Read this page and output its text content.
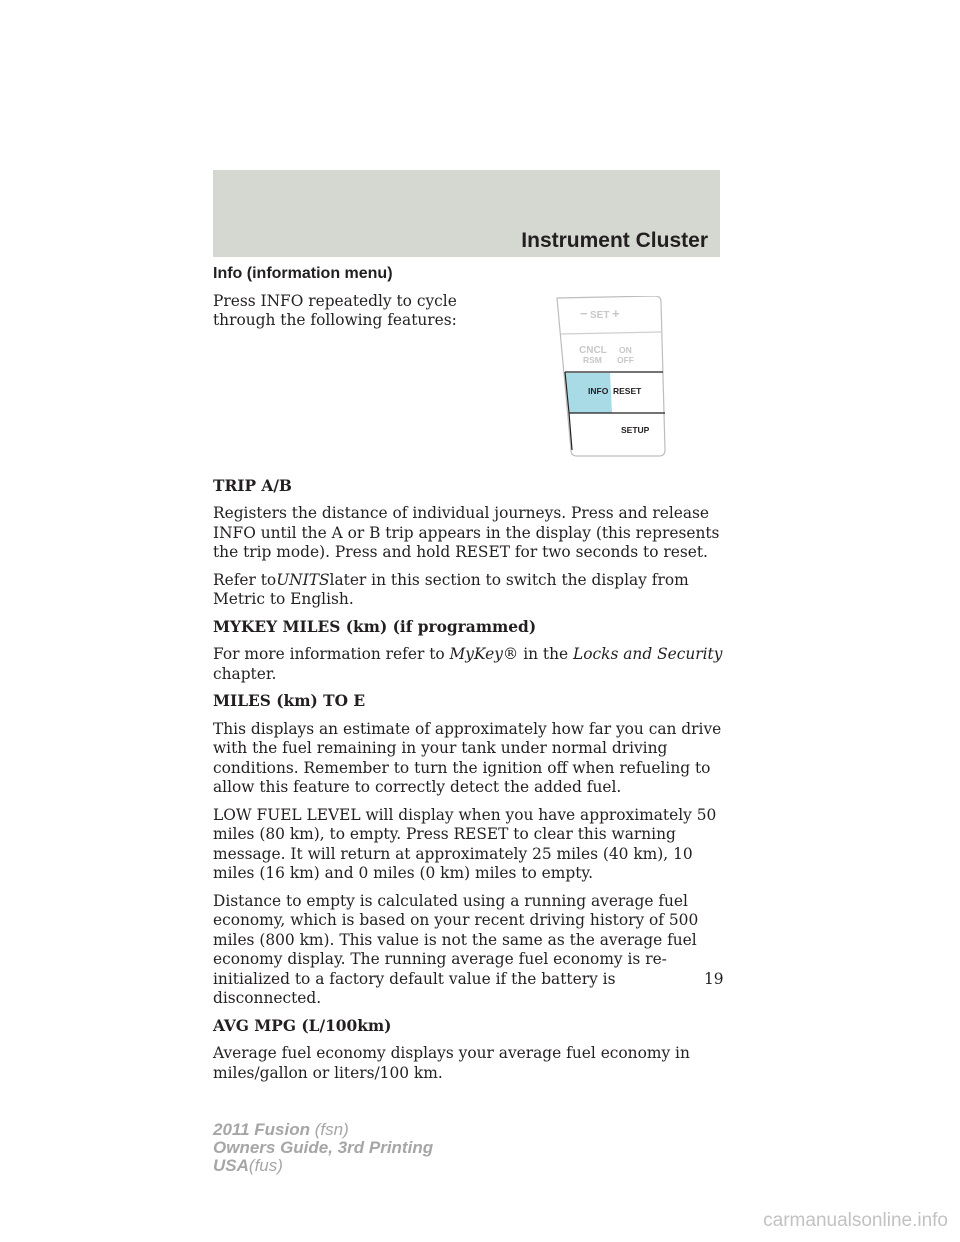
Instrument Cluster
Info (information menu)

Press INFO repeatedly to cycle through the following features:

TRIP A/B

Registers the distance of individual journeys. Press and release INFO until the A or B trip appears in the display (this represents the trip mode). Press and hold RESET for two seconds to reset.

Refer toUNITSlater in this section to switch the display from Metric to English.

MYKEY MILES (km) (if programmed)

For more information refer to MyKey® in the Locks and Security chapter.

MILES (km) TO E

This displays an estimate of approximately how far you can drive with the fuel remaining in your tank under normal driving conditions. Remember to turn the ignition off when refueling to allow this feature to correctly detect the added fuel.

LOW FUEL LEVEL will display when you have approximately 50 miles (80 km), to empty. Press RESET to clear this warning message. It will return at approximately 25 miles (40 km), 10 miles (16 km) and 0 miles (0 km) miles to empty.

Distance to empty is calculated using a running average fuel economy, which is based on your recent driving history of 500 miles (800 km). This value is not the same as the average fuel economy display. The running average fuel economy is re-initialized to a factory default value if the battery is disconnected.

AVG MPG (L/100km)

Average fuel economy displays your average fuel economy in miles/gallon or liters/100 km.

19
− SET +
CNCL
RSM
ON
OFF
INFO RESET
SETUP
2011 Fusion (fsn)
Owners Guide, 3rd Printing
USA(fus)
carmanualsonline.info
